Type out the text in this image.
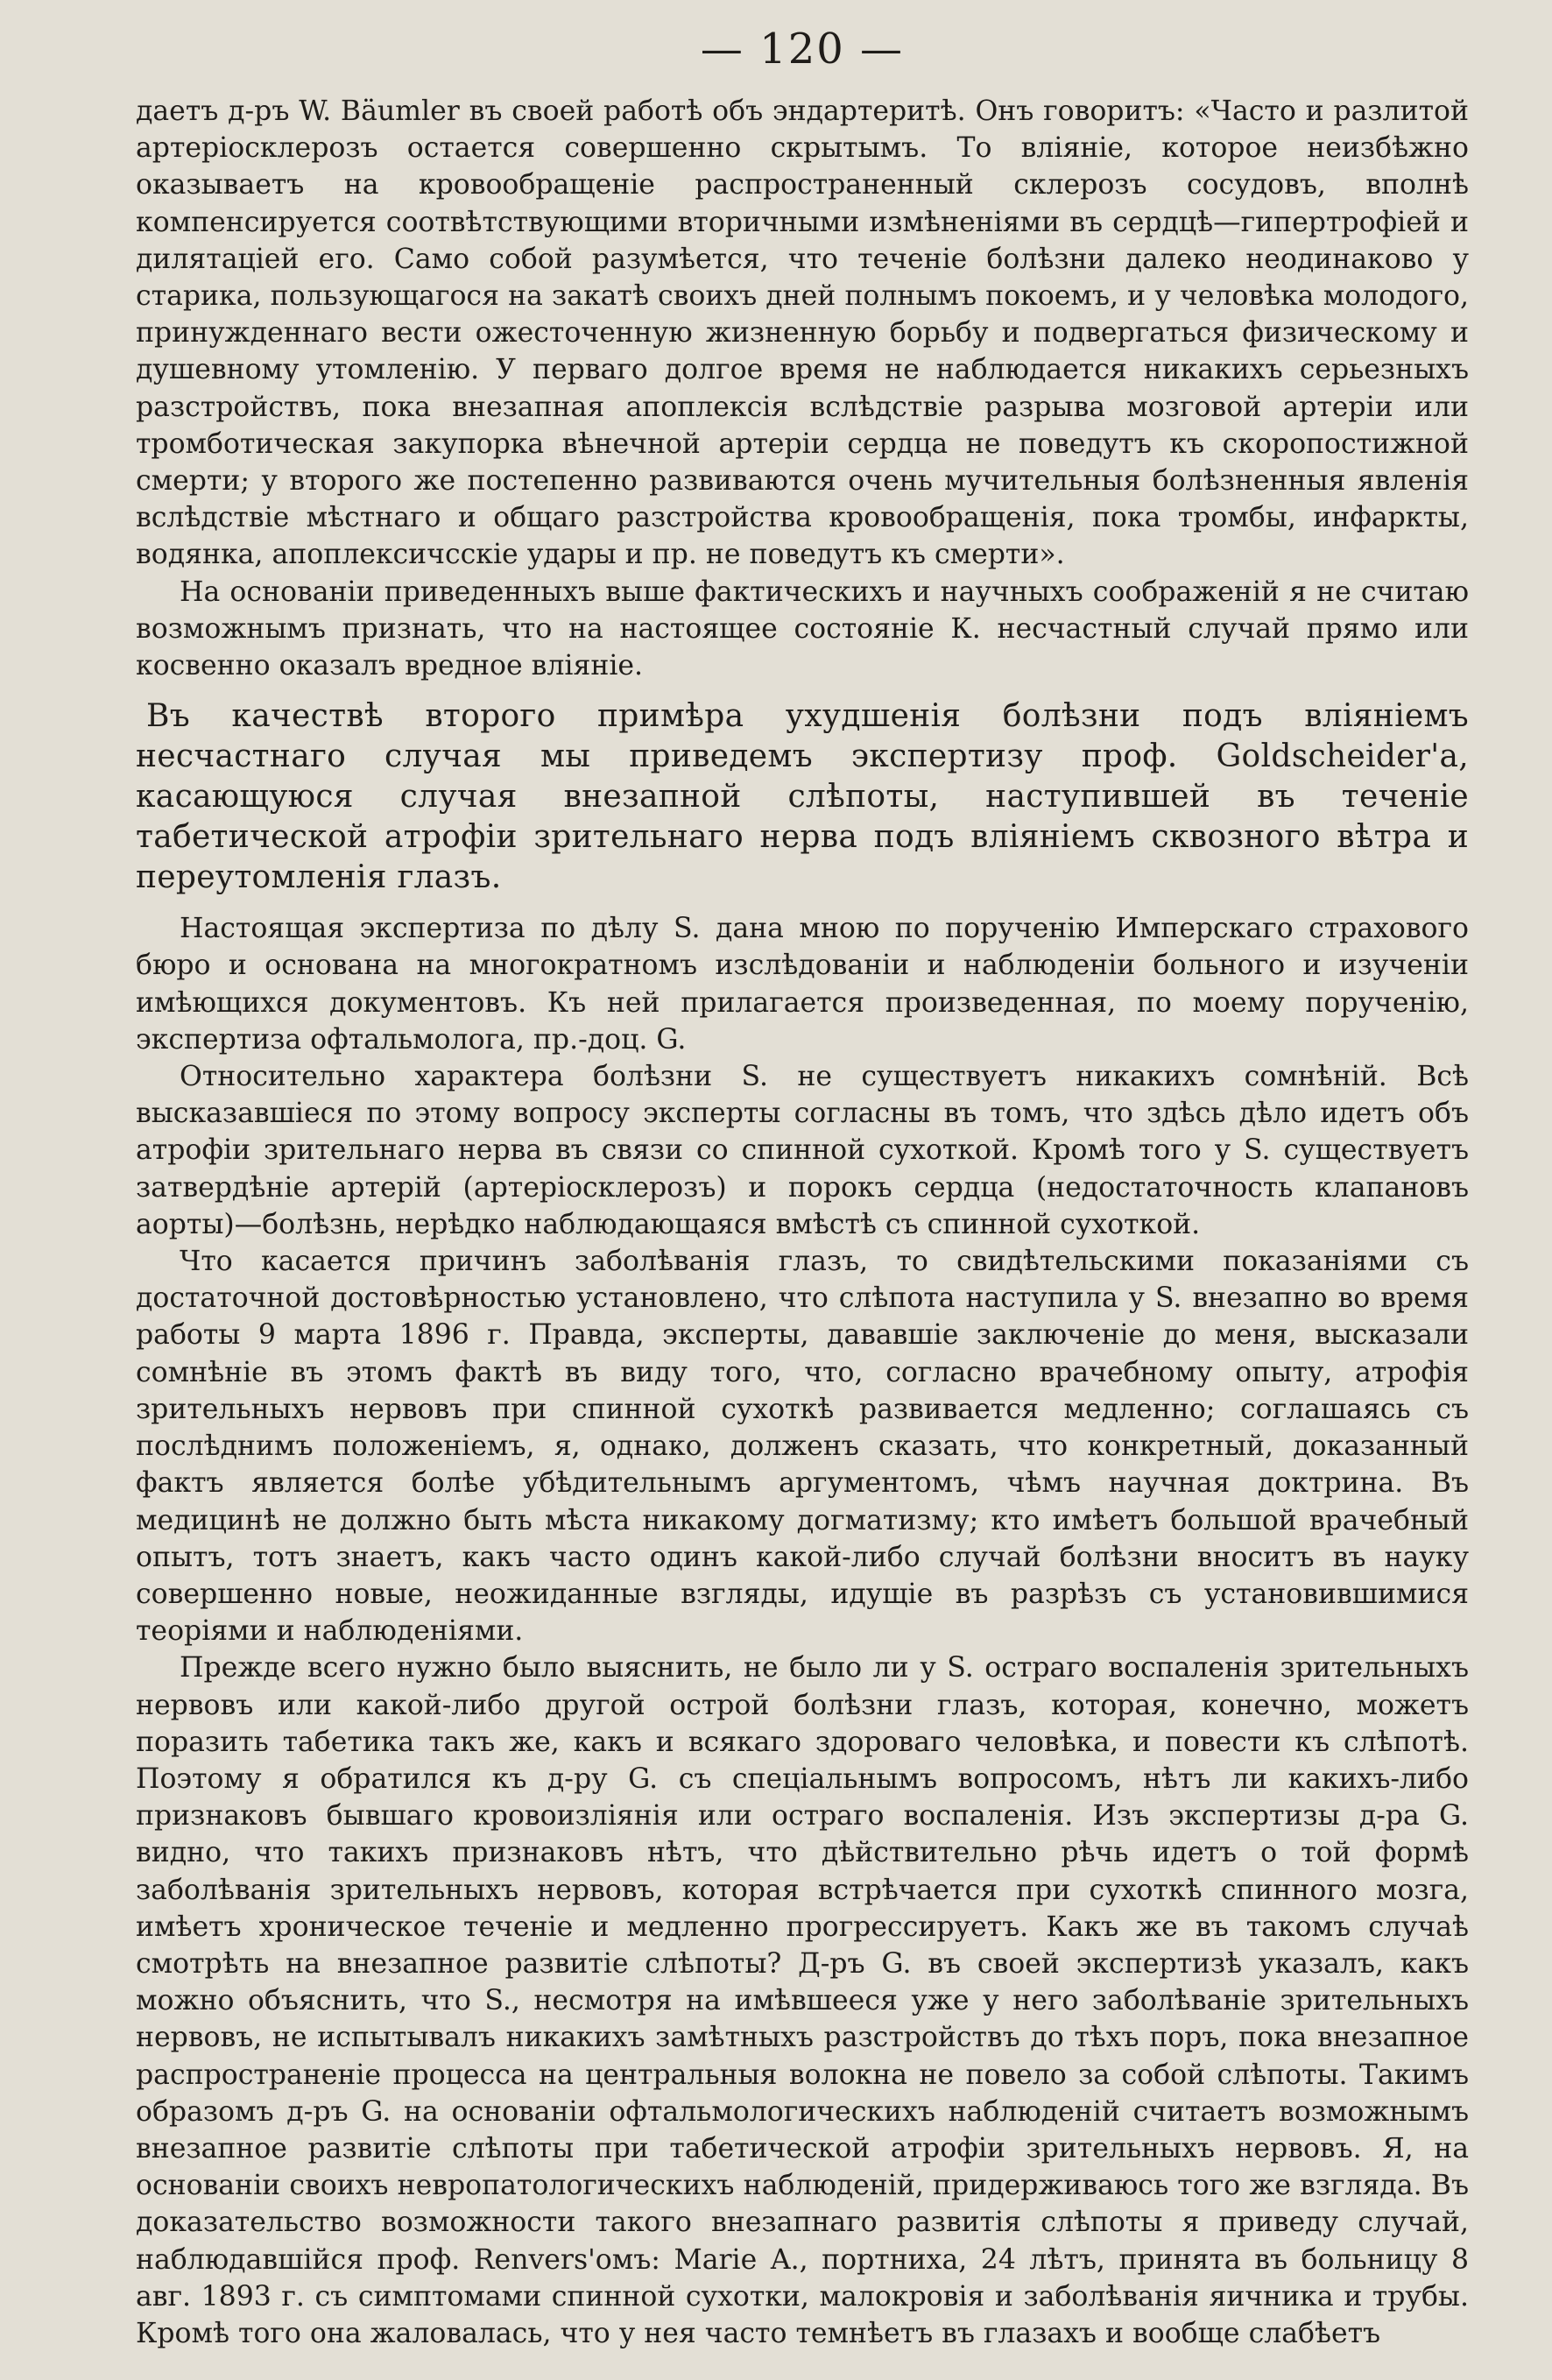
— 120 —

даетъ д-ръ W. Bäumler въ своей работѣ объ эндартеритѣ. Онъ говоритъ: «Часто и разлитой артеріосклерозъ остается совершенно скрытымъ. То вліяніе, которое неизбѣжно оказываетъ на кровообращеніе распространенный склерозъ сосудовъ, вполнѣ компенсируется соотвѣтствующими вторичными измѣненіями въ сердцѣ—гипертрофіей и дилятаціей его. Само собой разумѣется, что теченіе болѣзни далеко неодинаково у старика, пользующагося на закатѣ своихъ дней полнымъ покоемъ, и у человѣка молодого, принужденнаго вести ожесточенную жизненную борьбу и подвергаться физическому и душевному утомленію. У перваго долгое время не наблюдается никакихъ серьезныхъ разстройствъ, пока внезапная апоплексія вслѣдствіе разрыва мозговой артеріи или тромботическая закупорка вѣнечной артеріи сердца не поведутъ къ скоропостижной смерти; у второго же постепенно развиваются очень мучительныя болѣзненныя явленія вслѣдствіе мѣстнаго и общаго разстройства кровообращенія, пока тромбы, инфаркты, водянка, апоплексичсскіе удары и пр. не поведутъ къ смерти».

На основаніи приведенныхъ выше фактическихъ и научныхъ соображеній я не считаю возможнымъ признать, что на настоящее состояніе К. несчастный случай прямо или косвенно оказалъ вредное вліяніе.

Въ качествѣ второго примѣра ухудшенія болѣзни подъ вліяніемъ несчастнаго случая мы приведемъ экспертизу проф. Goldscheider'a, касающуюся случая внезапной слѣпоты, наступившей въ теченіе табетической атрофіи зрительнаго нерва подъ вліяніемъ сквозного вѣтра и переутомленія глазъ.

Настоящая экспертиза по дѣлу S. дана мною по порученію Имперскаго страхового бюро и основана на многократномъ изслѣдованіи и наблюденіи больного и изученіи имѣющихся документовъ. Къ ней прилагается произведенная, по моему порученію, экспертиза офтальмолога, пр.-доц. G.

Относительно характера болѣзни S. не существуетъ никакихъ сомнѣній. Всѣ высказавшіеся по этому вопросу эксперты согласны въ томъ, что здѣсь дѣло идетъ объ атрофіи зрительнаго нерва въ связи со спинной сухоткой. Кромѣ того у S. существуетъ затвердѣніе артерій (артеріосклерозъ) и порокъ сердца (недостаточность клапановъ аорты)—болѣзнь, нерѣдко наблюдающаяся вмѣстѣ съ спинной сухоткой.

Что касается причинъ заболѣванія глазъ, то свидѣтельскими показаніями съ достаточной достовѣрностью установлено, что слѣпота наступила у S. внезапно во время работы 9 марта 1896 г. Правда, эксперты, дававшіе заключеніе до меня, высказали сомнѣніе въ этомъ фактѣ въ виду того, что, согласно врачебному опыту, атрофія зрительныхъ нервовъ при спинной сухоткѣ развивается медленно; соглашаясь съ послѣднимъ положеніемъ, я, однако, долженъ сказать, что конкретный, доказанный фактъ является болѣе убѣдительнымъ аргументомъ, чѣмъ научная доктрина. Въ медицинѣ не должно быть мѣста никакому догматизму; кто имѣетъ большой врачебный опытъ, тотъ знаетъ, какъ часто одинъ какой-либо случай болѣзни вноситъ въ науку совершенно новые, неожиданные взгляды, идущіе въ разрѣзъ съ установившимися теоріями и наблюденіями.

Прежде всего нужно было выяснить, не было ли у S. остраго воспаленія зрительныхъ нервовъ или какой-либо другой острой болѣзни глазъ, которая, конечно, можетъ поразить табетика такъ же, какъ и всякаго здороваго человѣка, и повести къ слѣпотѣ. Поэтому я обратился къ д-ру G. съ спеціальнымъ вопросомъ, нѣтъ ли какихъ-либо признаковъ бывшаго кровоизліянія или остраго воспаленія. Изъ экспертизы д-ра G. видно, что такихъ признаковъ нѣтъ, что дѣйствительно рѣчь идетъ о той формѣ заболѣванія зрительныхъ нервовъ, которая встрѣчается при сухоткѣ спинного мозга, имѣетъ хроническое теченіе и медленно прогрессируетъ. Какъ же въ такомъ случаѣ смотрѣть на внезапное развитіе слѣпоты? Д-ръ G. въ своей экспертизѣ указалъ, какъ можно объяснить, что S., несмотря на имѣвшееся уже у него заболѣваніе зрительныхъ нервовъ, не испытывалъ никакихъ замѣтныхъ разстройствъ до тѣхъ поръ, пока внезапное распространеніе процесса на центральныя волокна не повело за собой слѣпоты. Такимъ образомъ д-ръ G. на основаніи офтальмологическихъ наблюденій считаетъ возможнымъ внезапное развитіе слѣпоты при табетической атрофіи зрительныхъ нервовъ. Я, на основаніи своихъ невропатологическихъ наблюденій, придерживаюсь того же взгляда. Въ доказательство возможности такого внезапнаго развитія слѣпоты я приведу случай, наблюдавшійся проф. Renvers'омъ: Marie A., портниха, 24 лѣтъ, принята въ больницу 8 авг. 1893 г. съ симптомами спинной сухотки, малокровія и заболѣванія яичника и трубы. Кромѣ того она жаловалась, что у нея часто темнѣетъ въ глазахъ и вообще слабѣетъ
